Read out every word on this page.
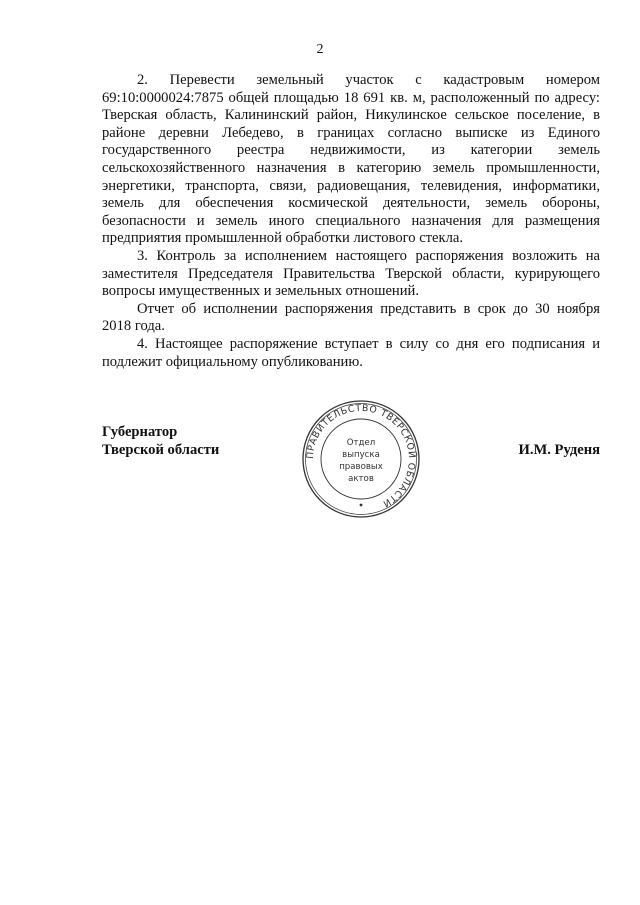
2

2. Перевести земельный участок с кадастровым номером 69:10:0000024:7875 общей площадью 18 691 кв. м, расположенный по адресу: Тверская область, Калининский район, Никулинское сельское поселение, в районе деревни Лебедево, в границах согласно выписке из Единого государственного реестра недвижимости, из категории земель сельскохозяйственного назначения в категорию земель промышленности, энергетики, транспорта, связи, радиовещания, телевидения, информатики, земель для обеспечения космической деятельности, земель обороны, безопасности и земель иного специального назначения для размещения предприятия промышленной обработки листового стекла.

3. Контроль за исполнением настоящего распоряжения возложить на заместителя Председателя Правительства Тверской области, курирующего вопросы имущественных и земельных отношений.

Отчет об исполнении распоряжения представить в срок до 30 ноября 2018 года.

4. Настоящее распоряжение вступает в силу со дня его подписания и подлежит официальному опубликованию.

Губернатор
Тверской области	И.М. Руденя
ПРАВИТЕЛЬСТВО ТВЕРСКОЙ ОБЛАСТИ
Отдел
выпуска
правовых
актов
